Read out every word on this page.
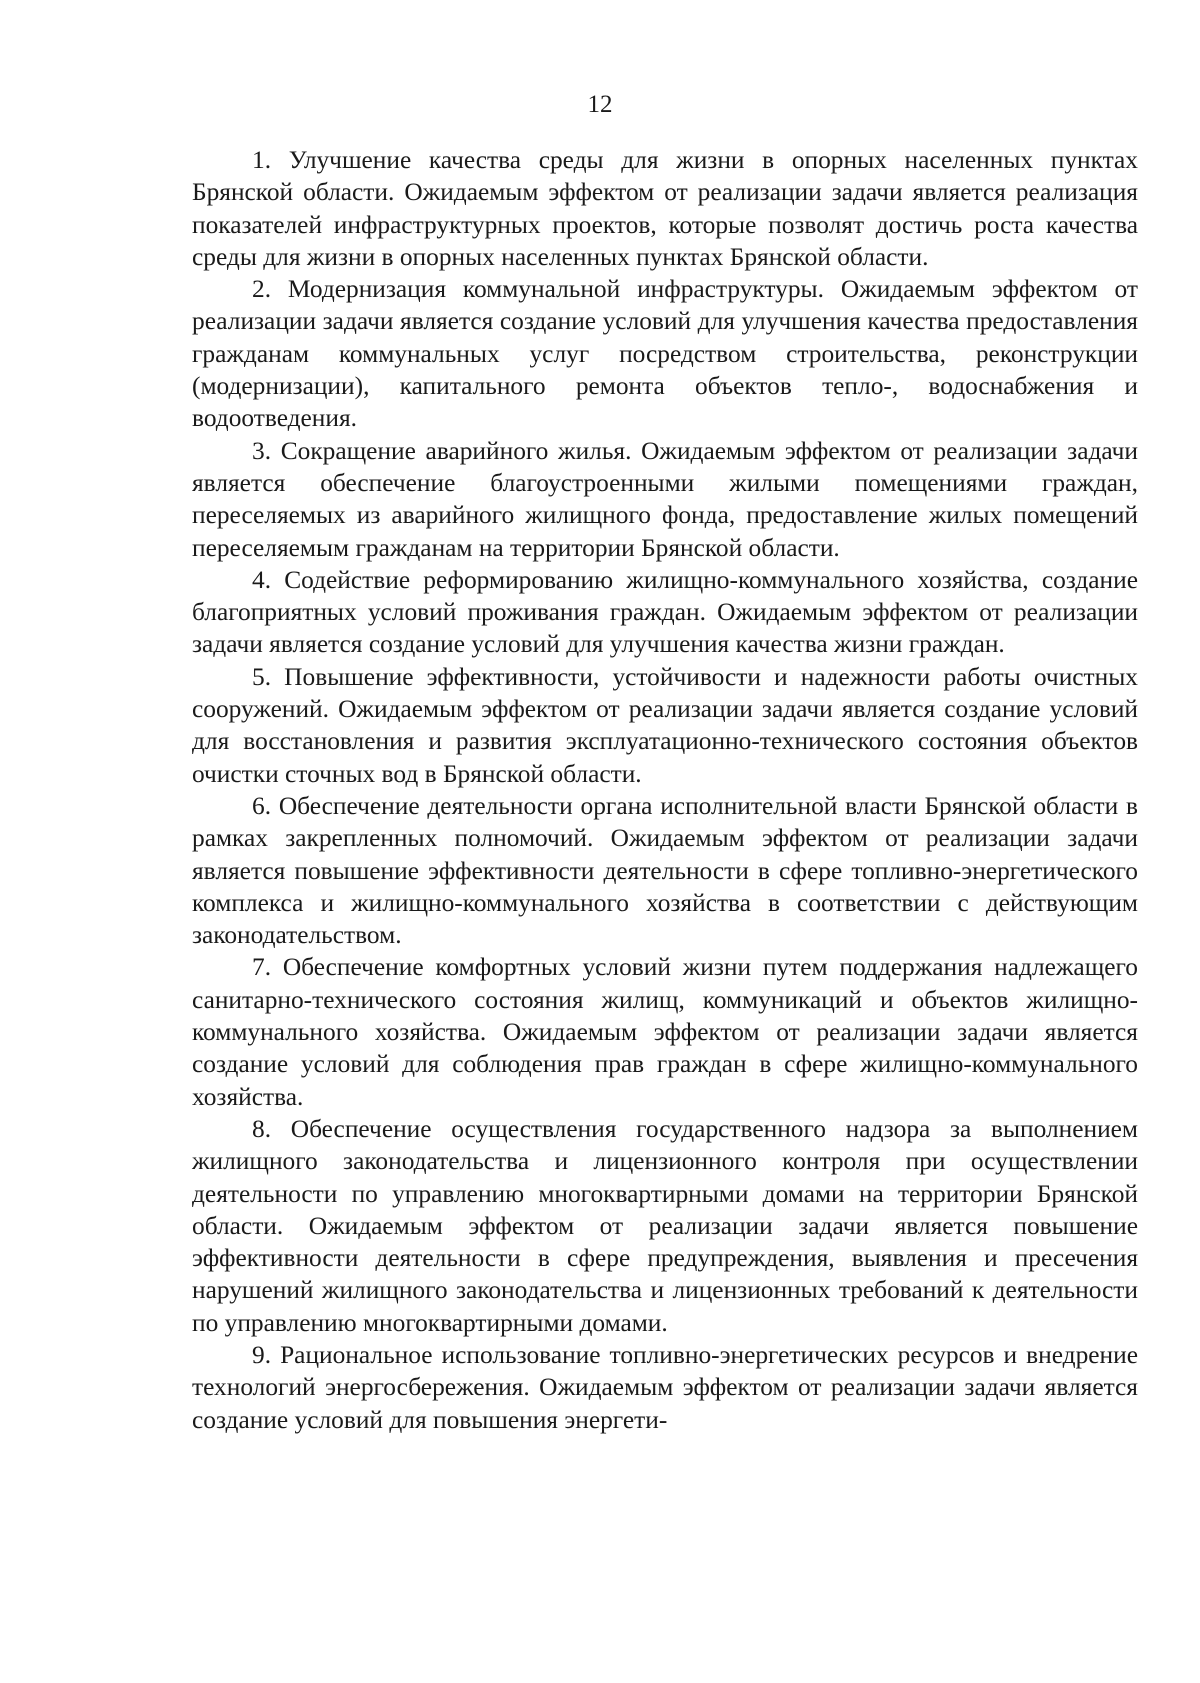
12

1. Улучшение качества среды для жизни в опорных населенных пунктах Брянской области. Ожидаемым эффектом от реализации задачи является реализация показателей инфраструктурных проектов, которые позволят достичь роста качества среды для жизни в опорных населенных пунктах Брянской области.

2. Модернизация коммунальной инфраструктуры. Ожидаемым эффектом от реализации задачи является создание условий для улучшения качества предоставления гражданам коммунальных услуг посредством строительства, реконструкции (модернизации), капитального ремонта объектов тепло-, водоснабжения и водоотведения.

3. Сокращение аварийного жилья. Ожидаемым эффектом от реализации задачи является обеспечение благоустроенными жилыми помещениями граждан, переселяемых из аварийного жилищного фонда, предоставление жилых помещений переселяемым гражданам на территории Брянской области.

4. Содействие реформированию жилищно-коммунального хозяйства, создание благоприятных условий проживания граждан. Ожидаемым эффектом от реализации задачи является создание условий для улучшения качества жизни граждан.

5. Повышение эффективности, устойчивости и надежности работы очистных сооружений. Ожидаемым эффектом от реализации задачи является создание условий для восстановления и развития эксплуатационно-технического состояния объектов очистки сточных вод в Брянской области.

6. Обеспечение деятельности органа исполнительной власти Брянской области в рамках закрепленных полномочий. Ожидаемым эффектом от реализации задачи является повышение эффективности деятельности в сфере топливно-энергетического комплекса и жилищно-коммунального хозяйства в соответствии с действующим законодательством.

7. Обеспечение комфортных условий жизни путем поддержания надлежащего санитарно-технического состояния жилищ, коммуникаций и объектов жилищно-коммунального хозяйства. Ожидаемым эффектом от реализации задачи является создание условий для соблюдения прав граждан в сфере жилищно-коммунального хозяйства.

8. Обеспечение осуществления государственного надзора за выполнением жилищного законодательства и лицензионного контроля при осуществлении деятельности по управлению многоквартирными домами на территории Брянской области. Ожидаемым эффектом от реализации задачи является повышение эффективности деятельности в сфере предупреждения, выявления и пресечения нарушений жилищного законодательства и лицензионных требований к деятельности по управлению многоквартирными домами.

9. Рациональное использование топливно-энергетических ресурсов и внедрение технологий энергосбережения. Ожидаемым эффектом от реализации задачи является создание условий для повышения энергети-
